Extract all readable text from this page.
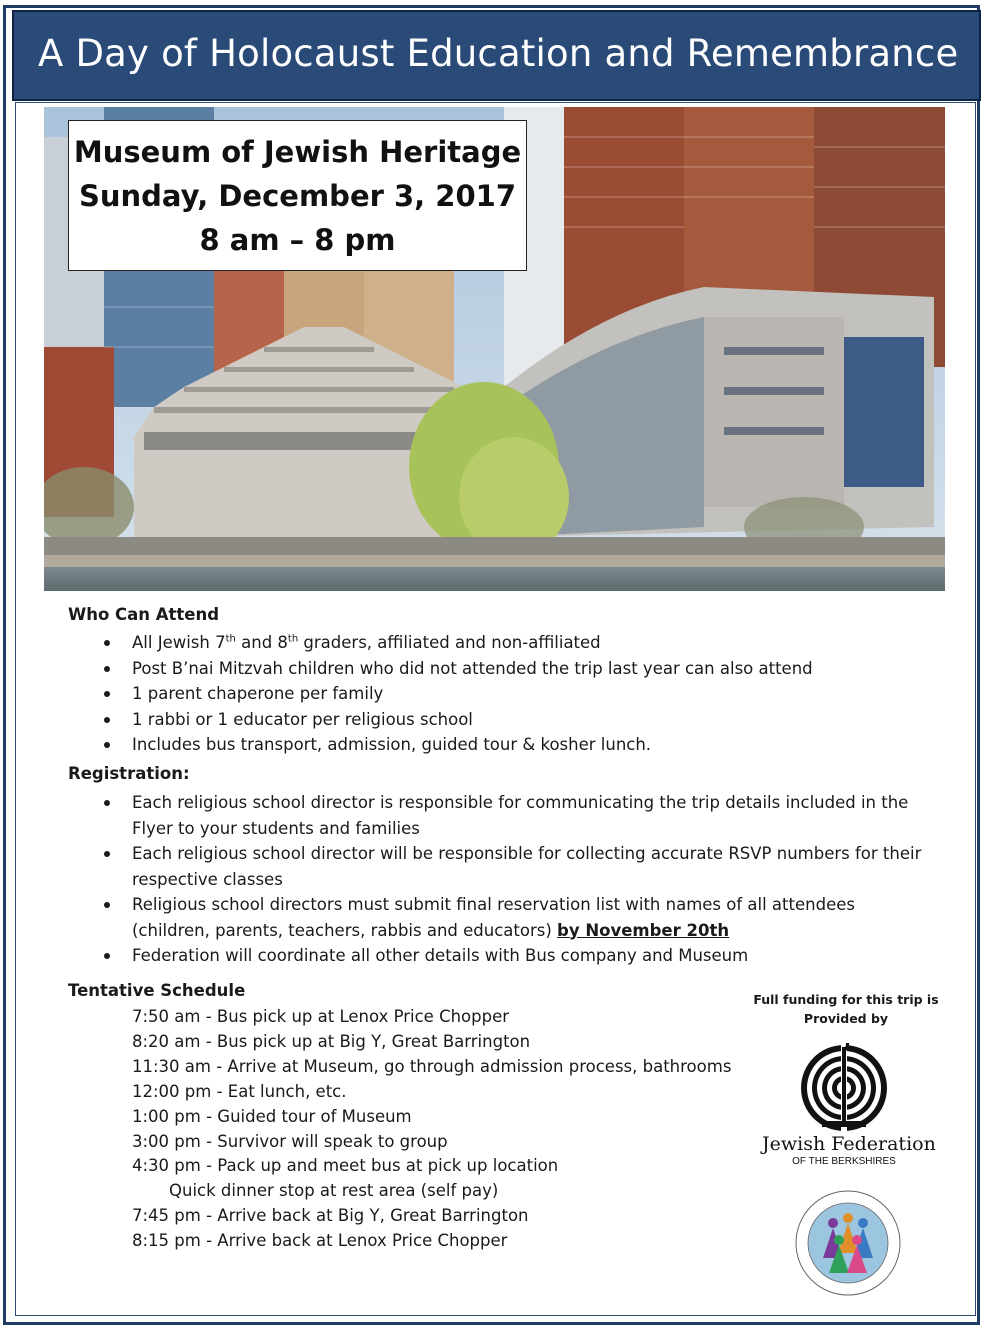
A Day of Holocaust Education and Remembrance
Museum of Jewish Heritage
Sunday, December 3, 2017
8 am – 8 pm
Who Can Attend
All Jewish 7th and 8th graders, affiliated and non-affiliated
Post B’nai Mitzvah children who did not attended the trip last year can also attend
1 parent chaperone per family
1 rabbi or 1 educator per religious school
Includes bus transport, admission, guided tour & kosher lunch.
Registration:
Each religious school director is responsible for communicating the trip details included in the
Flyer to your students and families
Each religious school director will be responsible for collecting accurate RSVP numbers for their
respective classes
Religious school directors must submit final reservation list with names of all attendees
(children, parents, teachers, rabbis and educators) by November 20th
Federation will coordinate all other details with Bus company and Museum
Tentative Schedule
7:50 am - Bus pick up at Lenox Price Chopper
8:20 am - Bus pick up at Big Y, Great Barrington
11:30 am - Arrive at Museum, go through admission process, bathrooms
12:00 pm - Eat lunch, etc.
1:00 pm - Guided tour of Museum
3:00 pm - Survivor will speak to group
4:30 pm - Pack up and meet bus at pick up location
Quick dinner stop at rest area (self pay)
7:45 pm - Arrive back at Big Y, Great Barrington
8:15 pm - Arrive back at Lenox Price Chopper
Full funding for this trip is
Provided by
Jewish Federation
OF THE BERKSHIRES
